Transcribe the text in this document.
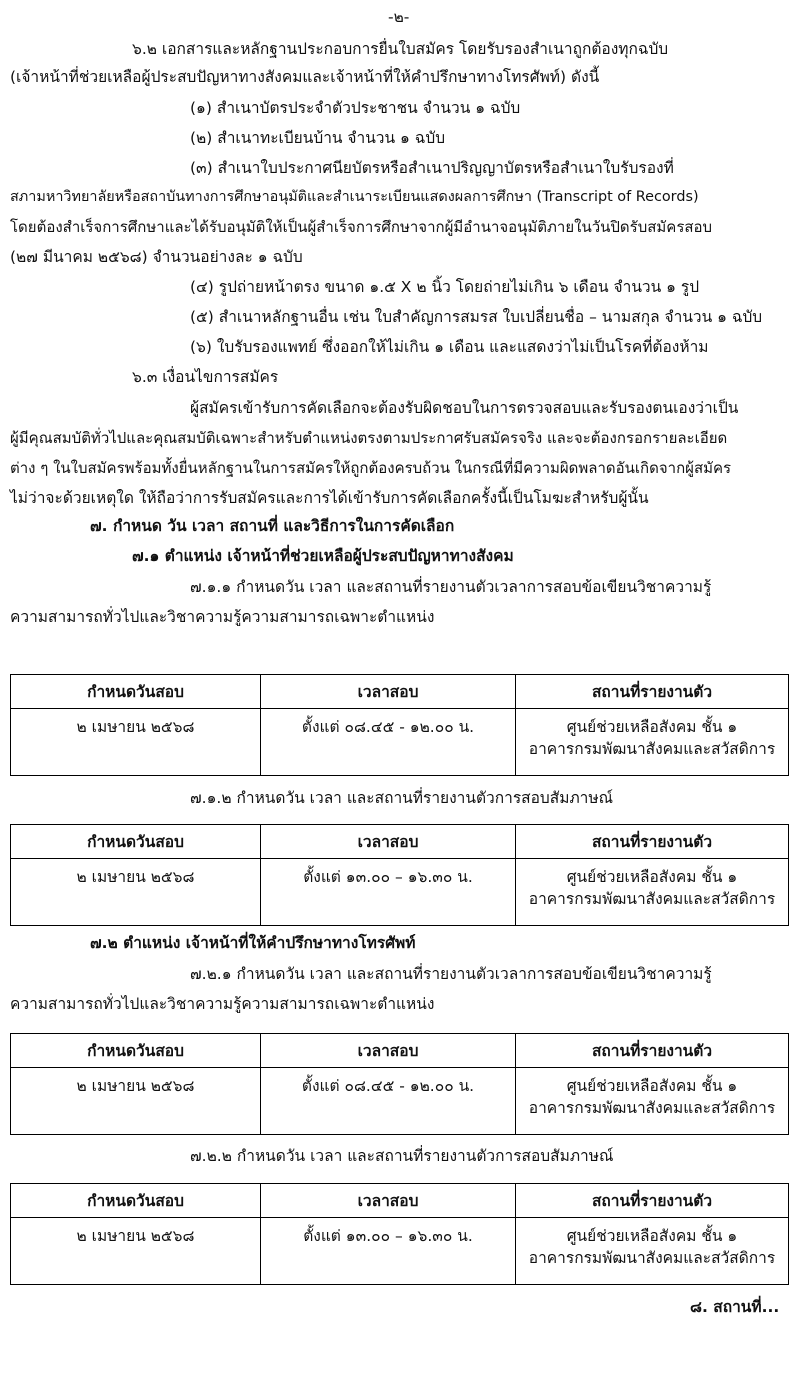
-๒-
๖.๒ เอกสารและหลักฐานประกอบการยื่นใบสมัคร โดยรับรองสำเนาถูกต้องทุกฉบับ
(เจ้าหน้าที่ช่วยเหลือผู้ประสบปัญหาทางสังคมและเจ้าหน้าที่ให้คำปรึกษาทางโทรศัพท์) ดังนี้
(๑) สำเนาบัตรประจำตัวประชาชน จำนวน ๑ ฉบับ
(๒) สำเนาทะเบียนบ้าน จำนวน ๑ ฉบับ
(๓) สำเนาใบประกาศนียบัตรหรือสำเนาปริญญาบัตรหรือสำเนาใบรับรองที่
สภามหาวิทยาลัยหรือสถาบันทางการศึกษาอนุมัติและสำเนาระเบียนแสดงผลการศึกษา (Transcript of Records)
โดยต้องสำเร็จการศึกษาและได้รับอนุมัติให้เป็นผู้สำเร็จการศึกษาจากผู้มีอำนาจอนุมัติภายในวันปิดรับสมัครสอบ
(๒๗ มีนาคม ๒๕๖๘) จำนวนอย่างละ ๑ ฉบับ
(๔) รูปถ่ายหน้าตรง ขนาด ๑.๕ X ๒ นิ้ว โดยถ่ายไม่เกิน ๖ เดือน จำนวน ๑ รูป
(๕) สำเนาหลักฐานอื่น เช่น ใบสำคัญการสมรส ใบเปลี่ยนชื่อ – นามสกุล จำนวน ๑ ฉบับ
(๖) ใบรับรองแพทย์ ซึ่งออกให้ไม่เกิน ๑ เดือน และแสดงว่าไม่เป็นโรคที่ต้องห้าม
๖.๓ เงื่อนไขการสมัคร
ผู้สมัครเข้ารับการคัดเลือกจะต้องรับผิดชอบในการตรวจสอบและรับรองตนเองว่าเป็น
ผู้มีคุณสมบัติทั่วไปและคุณสมบัติเฉพาะสำหรับตำแหน่งตรงตามประกาศรับสมัครจริง และจะต้องกรอกรายละเอียด
ต่าง ๆ ในใบสมัครพร้อมทั้งยื่นหลักฐานในการสมัครให้ถูกต้องครบถ้วน ในกรณีที่มีความผิดพลาดอันเกิดจากผู้สมัคร
ไม่ว่าจะด้วยเหตุใด ให้ถือว่าการรับสมัครและการได้เข้ารับการคัดเลือกครั้งนี้เป็นโมฆะสำหรับผู้นั้น
๗. กำหนด วัน เวลา สถานที่ และวิธีการในการคัดเลือก
๗.๑ ตำแหน่ง เจ้าหน้าที่ช่วยเหลือผู้ประสบปัญหาทางสังคม
๗.๑.๑ กำหนดวัน เวลา และสถานที่รายงานตัวเวลาการสอบข้อเขียนวิชาความรู้
ความสามารถทั่วไปและวิชาความรู้ความสามารถเฉพาะตำแหน่ง
กำหนดวันสอบ	เวลาสอบ	สถานที่รายงานตัว
๒ เมษายน ๒๕๖๘	ตั้งแต่ ๐๘.๔๕ - ๑๒.๐๐ น.	ศูนย์ช่วยเหลือสังคม ชั้น ๑
อาคารกรมพัฒนาสังคมและสวัสดิการ
๗.๑.๒ กำหนดวัน เวลา และสถานที่รายงานตัวการสอบสัมภาษณ์
กำหนดวันสอบ	เวลาสอบ	สถานที่รายงานตัว
๒ เมษายน ๒๕๖๘	ตั้งแต่ ๑๓.๐๐ – ๑๖.๓๐ น.	ศูนย์ช่วยเหลือสังคม ชั้น ๑
อาคารกรมพัฒนาสังคมและสวัสดิการ
๗.๒ ตำแหน่ง เจ้าหน้าที่ให้คำปรึกษาทางโทรศัพท์
๗.๒.๑ กำหนดวัน เวลา และสถานที่รายงานตัวเวลาการสอบข้อเขียนวิชาความรู้
ความสามารถทั่วไปและวิชาความรู้ความสามารถเฉพาะตำแหน่ง
กำหนดวันสอบ	เวลาสอบ	สถานที่รายงานตัว
๒ เมษายน ๒๕๖๘	ตั้งแต่ ๐๘.๔๕ - ๑๒.๐๐ น.	ศูนย์ช่วยเหลือสังคม ชั้น ๑
อาคารกรมพัฒนาสังคมและสวัสดิการ
๗.๒.๒ กำหนดวัน เวลา และสถานที่รายงานตัวการสอบสัมภาษณ์
กำหนดวันสอบ	เวลาสอบ	สถานที่รายงานตัว
๒ เมษายน ๒๕๖๘	ตั้งแต่ ๑๓.๐๐ – ๑๖.๓๐ น.	ศูนย์ช่วยเหลือสังคม ชั้น ๑
อาคารกรมพัฒนาสังคมและสวัสดิการ
๘. สถานที่...
